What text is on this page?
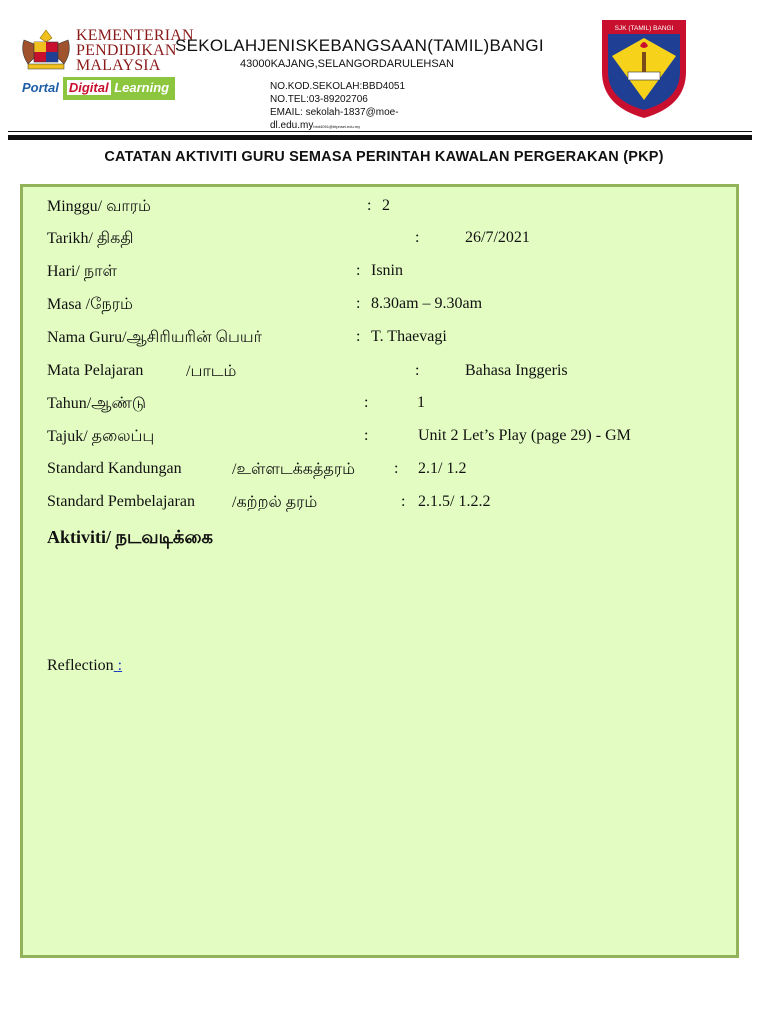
KEMENTERIAN
PENDIDIKAN
MALAYSIA
Portal Digital Learning
SEKOLAHJENISKEBANGSAAN(TAMIL)BANGI
43000KAJANG,SELANGORDARULEHSAN
NO.KOD.SEKOLAH:BBD4051
NO.TEL:03-89202706
EMAIL: sekolah-1837@moe-
dl.edu.mybbd4051@btpnsel.edu.my
SJK (TAMIL) BANGI
CATATAN AKTIVITI GURU SEMASA PERINTAH KAWALAN PERGERAKAN (PKP)
Minggu/ வாரம்	: 2
Tarikh/ திகதி	:	26/7/2021
Hari/ நாள்	: Isnin
Masa /நேரம்	: 8.30am – 9.30am
Nama Guru/ஆசிரியரின் பெயர்	: T. Thaevagi
Mata Pelajaran	/பாடம்	:	Bahasa Inggeris
Tahun/ஆண்டு	:	1
Tajuk/ தலைப்பு	:	Unit 2 Let’s Play (page 29) - GM
Standard Kandungan	/உள்ளடக்கத்தரம் : 2.1/ 1.2
Standard Pembelajaran /கற்றல் தரம்	: 2.1.5/ 1.2.2
Aktiviti/ நடவடிக்கை
Reflection :
